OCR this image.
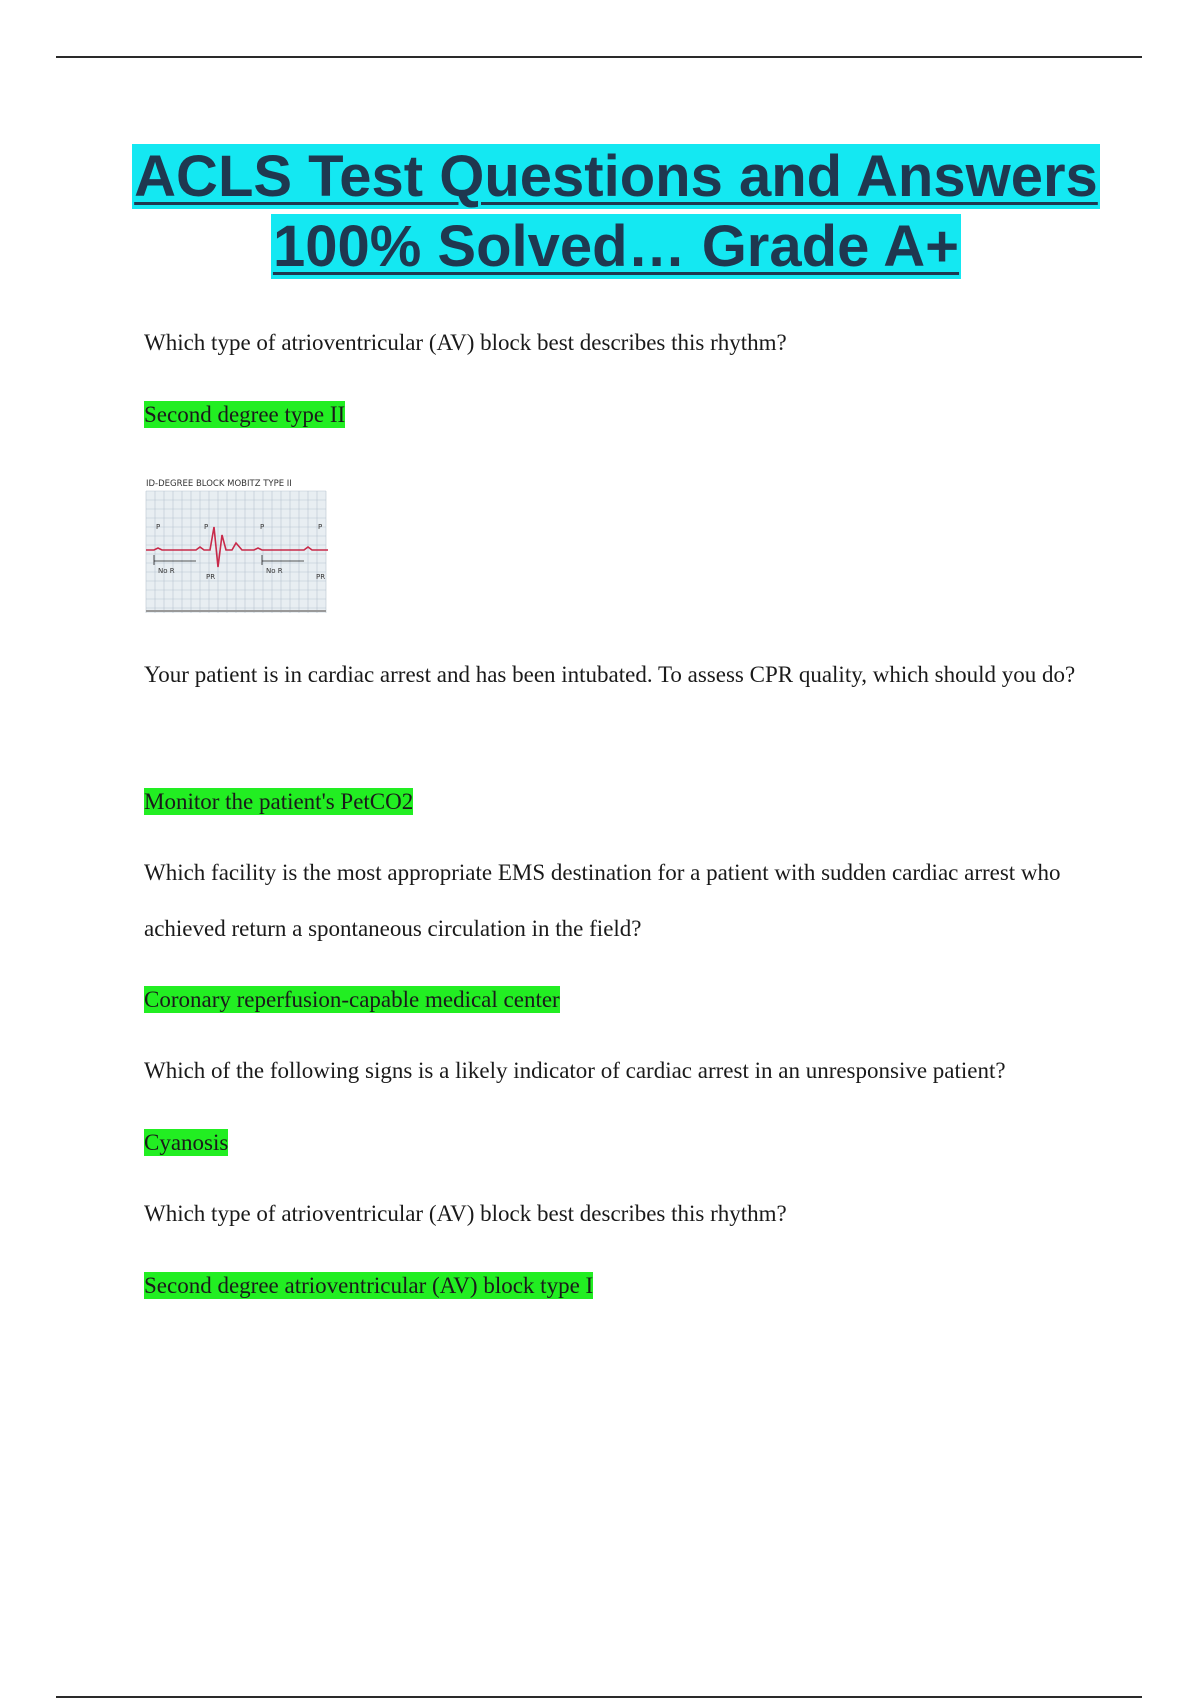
ACLS Test Questions and Answers
100% Solved… Grade A+

Which type of atrioventricular (AV) block best describes this rhythm?

Second degree type II

ID-DEGREE BLOCK MOBITZ TYPE II
P	P	P	P
No R
PR
No R
PR

Your patient is in cardiac arrest and has been intubated. To assess CPR quality, which should you do?

Monitor the patient's PetCO2

Which facility is the most appropriate EMS destination for a patient with sudden cardiac arrest who achieved return a spontaneous circulation in the field?

Coronary reperfusion-capable medical center

Which of the following signs is a likely indicator of cardiac arrest in an unresponsive patient?

Cyanosis

Which type of atrioventricular (AV) block best describes this rhythm?

Second degree atrioventricular (AV) block type I
